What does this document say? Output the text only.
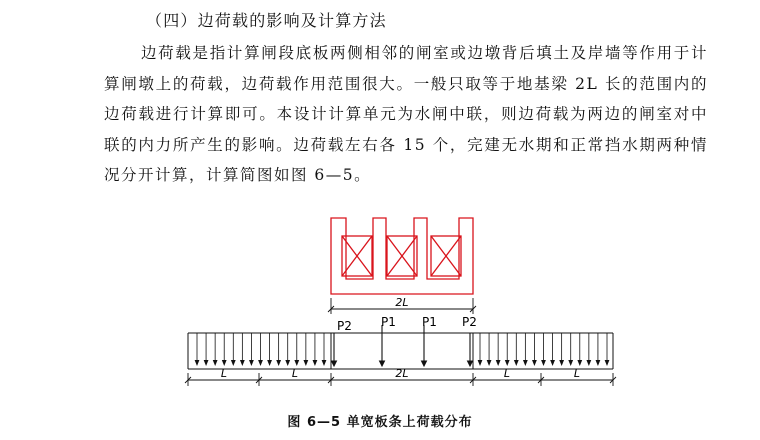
（四）边荷载的影响及计算方法

边荷载是指计算闸段底板两侧相邻的闸室或边墩背后填土及岸墙等作用于计算闸墩上的荷载，边荷载作用范围很大。一般只取等于地基梁 2L 长的范围内的边荷载进行计算即可。本设计计算单元为水闸中联，则边荷载为两边的闸室对中联的内力所产生的影响。边荷载左右各 15 个，完建无水期和正常挡水期两种情况分开计算，计算简图如图 6—5。

2L
P2 P1 P1 P2
L	L	2L	L	L
图 6—5 单宽板条上荷载分布
